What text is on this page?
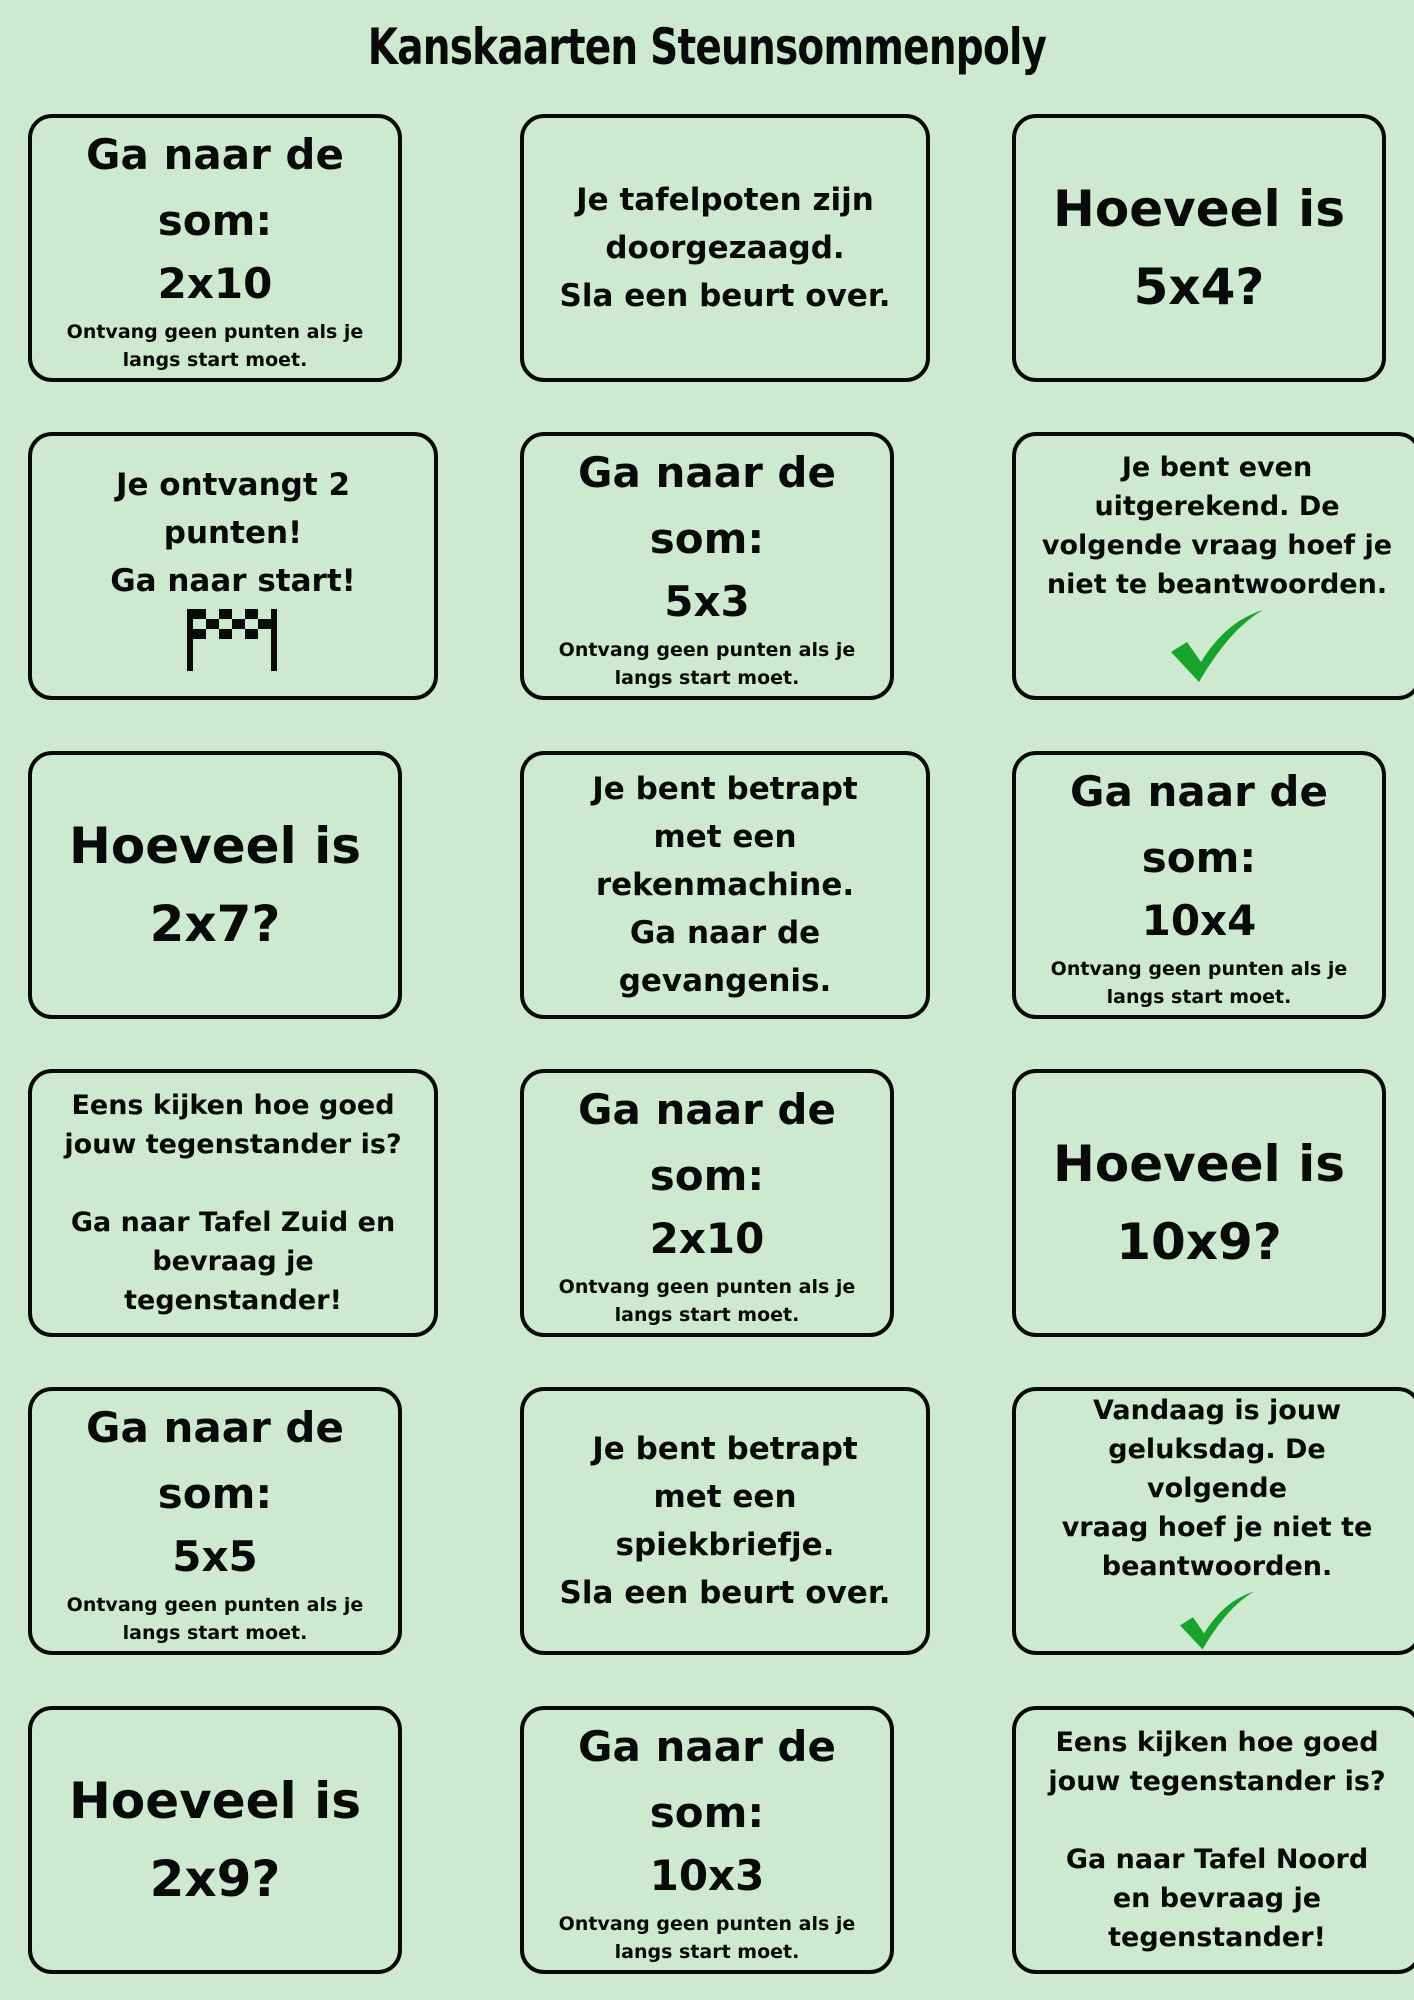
Kanskaarten Steunsommenpoly
Ga naar de
som:
2x10
Ontvang geen punten als je langs start moet.
Je tafelpoten zijn
doorgezaagd.
Sla een beurt over.
Hoeveel is
5x4?
Je ontvangt 2
punten!
Ga naar start!
Ga naar de
som:
5x3
Ontvang geen punten als je langs start moet.
Je bent even
uitgerekend. De
volgende vraag hoef je
niet te beantwoorden.
Hoeveel is
2x7?
Je bent betrapt
met een
rekenmachine.
Ga naar de
gevangenis.
Ga naar de
som:
10x4
Ontvang geen punten als je langs start moet.
Eens kijken hoe goed
jouw tegenstander is?
Ga naar Tafel Zuid en
bevraag je
tegenstander!
Ga naar de
som:
2x10
Ontvang geen punten als je langs start moet.
Hoeveel is
10x9?
Ga naar de
som:
5x5
Ontvang geen punten als je langs start moet.
Je bent betrapt
met een
spiekbriefje.
Sla een beurt over.
Vandaag is jouw
geluksdag. De volgende
vraag hoef je niet te
beantwoorden.
Hoeveel is
2x9?
Ga naar de
som:
10x3
Ontvang geen punten als je langs start moet.
Eens kijken hoe goed
jouw tegenstander is?
Ga naar Tafel Noord
en bevraag je
tegenstander!
